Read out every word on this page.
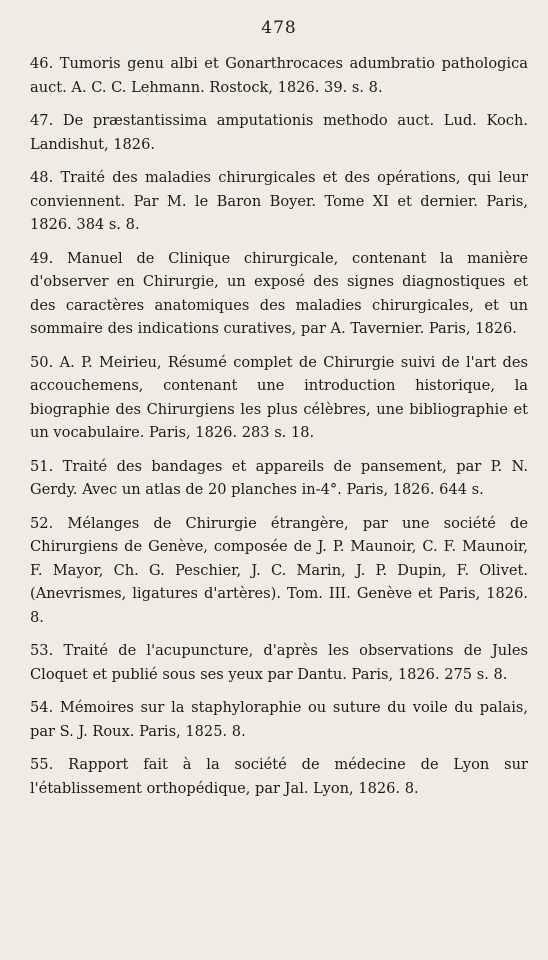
478

46. Tumoris genu albi et Gonarthrocaces adumbratio pathologica auct. A. C. C. Lehmann. Rostock, 1826. 39. s. 8.

47. De præstantissima amputationis methodo auct. Lud. Koch. Landishut, 1826.

48. Traité des maladies chirurgicales et des opérations, qui leur conviennent. Par M. le Baron Boyer. Tome XI et dernier. Paris, 1826. 384 s. 8.

49. Manuel de Clinique chirurgicale, contenant la manière d'observer en Chirurgie, un exposé des signes diagnostiques et des caractères anatomiques des maladies chirurgicales, et un sommaire des indications curatives, par A. Tavernier. Paris, 1826.

50. A. P. Meirieu, Résumé complet de Chirurgie suivi de l'art des accouchemens, contenant une introduction historique, la biographie des Chirurgiens les plus célèbres, une bibliographie et un vocabulaire. Paris, 1826. 283 s. 18.

51. Traité des bandages et appareils de pansement, par P. N. Gerdy. Avec un atlas de 20 planches in-4°. Paris, 1826. 644 s.

52. Mélanges de Chirurgie étrangère, par une société de Chirurgiens de Genève, composée de J. P. Maunoir, C. F. Maunoir, F. Mayor, Ch. G. Peschier, J. C. Marin, J. P. Dupin, F. Olivet. (Anevrismes, ligatures d'artères). Tom. III. Genève et Paris, 1826. 8.

53. Traité de l'acupuncture, d'après les observations de Jules Cloquet et publié sous ses yeux par Dantu. Paris, 1826. 275 s. 8.

54. Mémoires sur la staphyloraphie ou suture du voile du palais, par S. J. Roux. Paris, 1825. 8.

55. Rapport fait à la société de médecine de Lyon sur l'établissement orthopédique, par Jal. Lyon, 1826. 8.
